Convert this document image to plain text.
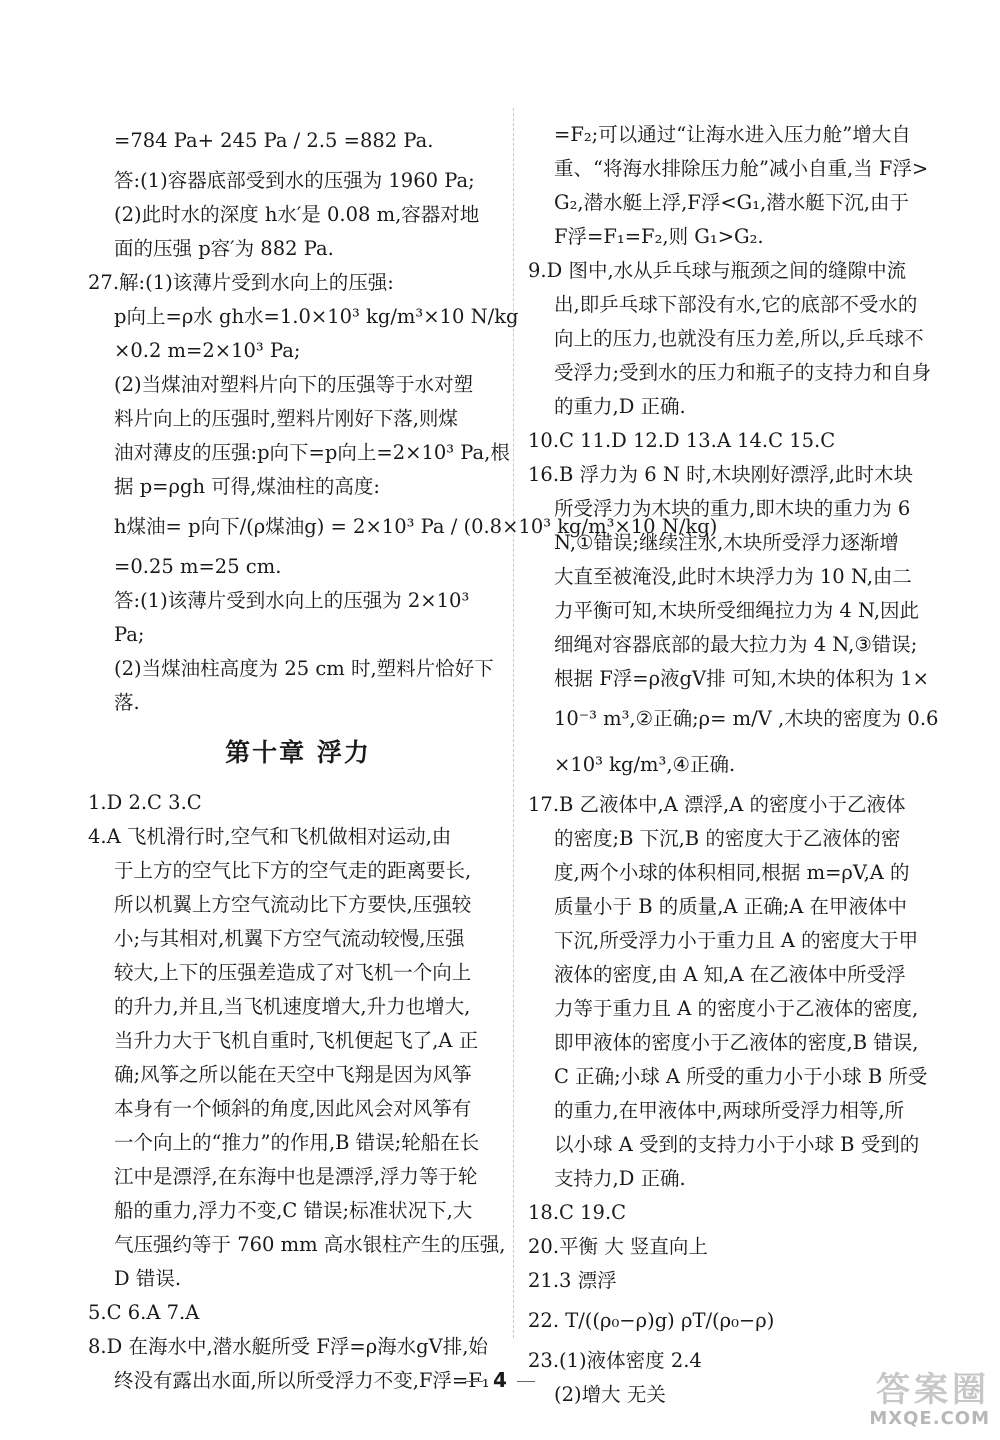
=784 Pa+ 245 Pa / 2.5 =882 Pa.
答:(1)容器底部受到水的压强为 1960 Pa;
(2)此时水的深度 h水′是 0.08 m,容器对地
面的压强 p容′为 882 Pa.
27.解:(1)该薄片受到水向上的压强:
p向上=ρ水 gh水=1.0×10³ kg/m³×10 N/kg
×0.2 m=2×10³ Pa;
(2)当煤油对塑料片向下的压强等于水对塑
料片向上的压强时,塑料片刚好下落,则煤
油对薄皮的压强:p向下=p向上=2×10³ Pa,根
据 p=ρgh 可得,煤油柱的高度:
h煤油= p向下/(ρ煤油g) = 2×10³ Pa / (0.8×10³ kg/m³×10 N/kg)
=0.25 m=25 cm.
答:(1)该薄片受到水向上的压强为 2×10³
Pa;
(2)当煤油柱高度为 25 cm 时,塑料片恰好下
落.
第十章 浮力
1.D 2.C 3.C
4.A 飞机滑行时,空气和飞机做相对运动,由
于上方的空气比下方的空气走的距离要长,
所以机翼上方空气流动比下方要快,压强较
小;与其相对,机翼下方空气流动较慢,压强
较大,上下的压强差造成了对飞机一个向上
的升力,并且,当飞机速度增大,升力也增大,
当升力大于飞机自重时,飞机便起飞了,A 正
确;风筝之所以能在天空中飞翔是因为风筝
本身有一个倾斜的角度,因此风会对风筝有
一个向上的“推力”的作用,B 错误;轮船在长
江中是漂浮,在东海中也是漂浮,浮力等于轮
船的重力,浮力不变,C 错误;标准状况下,大
气压强约等于 760 mm 高水银柱产生的压强,
D 错误.
5.C 6.A 7.A
8.D 在海水中,潜水艇所受 F浮=ρ海水gV排,始
终没有露出水面,所以所受浮力不变,F浮=F₁
=F₂;可以通过“让海水进入压力舱”增大自
重、“将海水排除压力舱”减小自重,当 F浮>
G₂,潜水艇上浮,F浮<G₁,潜水艇下沉,由于
F浮=F₁=F₂,则 G₁>G₂.
9.D 图中,水从乒乓球与瓶颈之间的缝隙中流
出,即乒乓球下部没有水,它的底部不受水的
向上的压力,也就没有压力差,所以,乒乓球不
受浮力;受到水的压力和瓶子的支持力和自身
的重力,D 正确.
10.C 11.D 12.D 13.A 14.C 15.C
16.B 浮力为 6 N 时,木块刚好漂浮,此时木块
所受浮力为木块的重力,即木块的重力为 6
N,①错误;继续注水,木块所受浮力逐渐增
大直至被淹没,此时木块浮力为 10 N,由二
力平衡可知,木块所受细绳拉力为 4 N,因此
细绳对容器底部的最大拉力为 4 N,③错误;
根据 F浮=ρ液gV排 可知,木块的体积为 1×
10⁻³ m³,②正确;ρ= m/V ,木块的密度为 0.6
×10³ kg/m³,④正确.
17.B 乙液体中,A 漂浮,A 的密度小于乙液体
的密度;B 下沉,B 的密度大于乙液体的密
度,两个小球的体积相同,根据 m=ρV,A 的
质量小于 B 的质量,A 正确;A 在甲液体中
下沉,所受浮力小于重力且 A 的密度大于甲
液体的密度,由 A 知,A 在乙液体中所受浮
力等于重力且 A 的密度小于乙液体的密度,
即甲液体的密度小于乙液体的密度,B 错误,
C 正确;小球 A 所受的重力小于小球 B 所受
的重力,在甲液体中,两球所受浮力相等,所
以小球 A 受到的支持力小于小球 B 受到的
支持力,D 正确.
18.C 19.C
20.平衡 大 竖直向上
21.3 漂浮
22. T/((ρ₀−ρ)g) ρT/(ρ₀−ρ)
23.(1)液体密度 2.4
(2)增大 无关
4	答案圈
MXQE.COM
